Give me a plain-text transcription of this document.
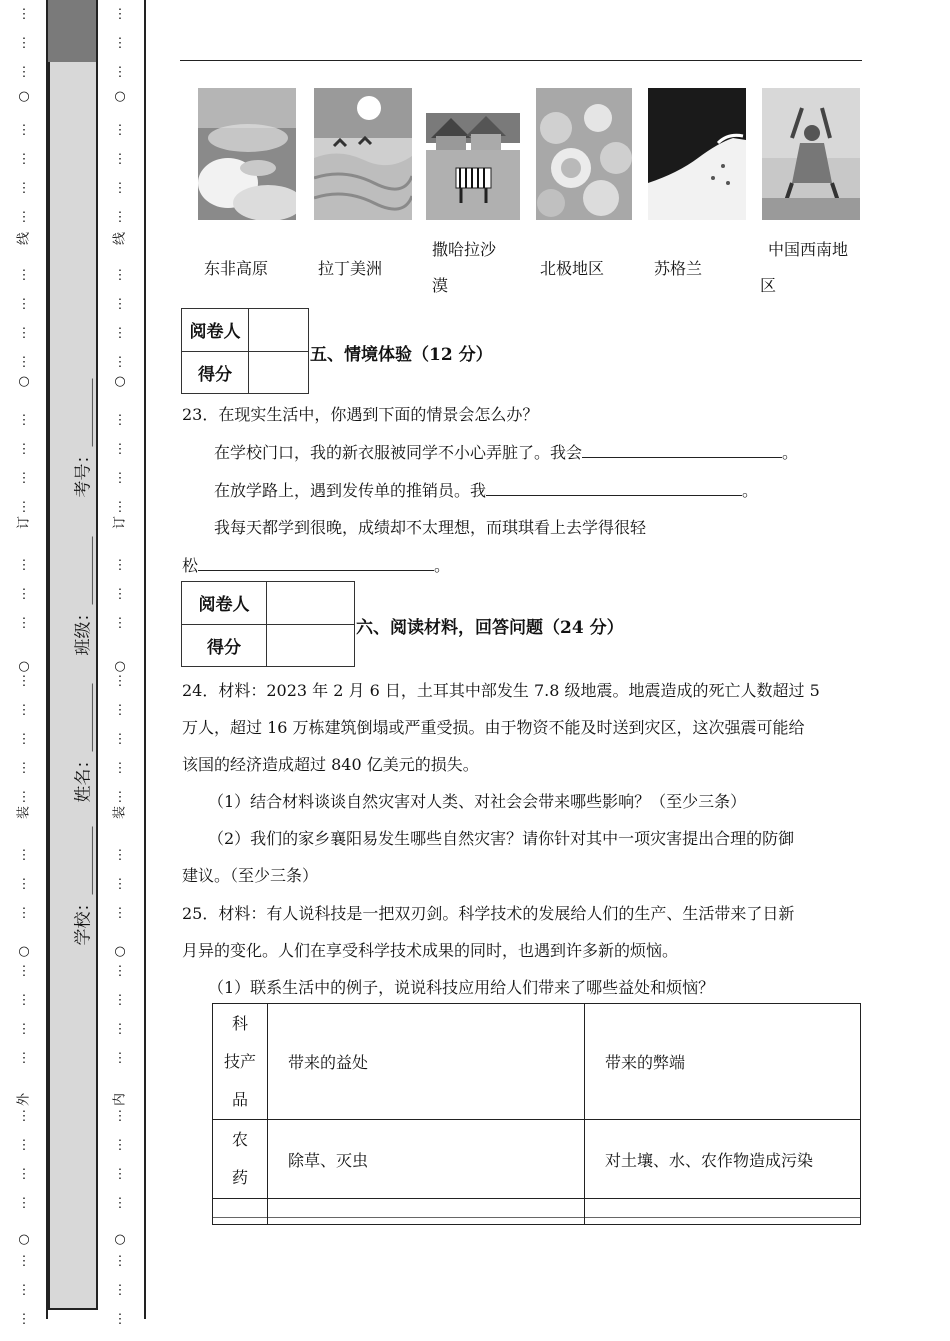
⋮
⋮
⋮
⋮
⋮
⋮
⋮
⋮
⋮
⋮
⋮
⋮
⋮
⋮
⋮
⋮
⋮
⋮
⋮
⋮
⋮
⋮
⋮
⋮
⋮
⋮
⋮
⋮
⋮
⋮
⋮
⋮
⋮
⋮
⋮
⋮
⋮
○
○
○
○
○
线
订
装
外
⋮
⋮
⋮
⋮
⋮
⋮
⋮
⋮
⋮
⋮
⋮
⋮
⋮
⋮
⋮
⋮
⋮
⋮
⋮
⋮
⋮
⋮
⋮
⋮
⋮
⋮
⋮
⋮
⋮
⋮
⋮
⋮
⋮
⋮
⋮
⋮
⋮
○
○
○
○
○
线
订
装
内
学校：________
姓名：________
班级：________
考号：________
东非高原	拉丁美洲
撒哈拉沙
漠
北极地区	苏格兰
中国西南地
区
阅卷人	
得分	
五、情境体验（12 分）
23．在现实生活中，你遇到下面的情景会怎么办？
在学校门口，我的新衣服被同学不小心弄脏了。我会	。
在放学路上，遇到发传单的推销员。我	。
我每天都学到很晚，成绩却不太理想，而琪琪看上去学得很轻
松	。
阅卷人	
得分	
六、阅读材料，回答问题（24 分）
24．材料：2023 年 2 月 6 日，土耳其中部发生 7.8 级地震。地震造成的死亡人数超过 5
万人，超过 16 万栋建筑倒塌或严重受损。由于物资不能及时送到灾区，这次强震可能给
该国的经济造成超过 840 亿美元的损失。
（1）结合材料谈谈自然灾害对人类、对社会会带来哪些影响？（至少三条）
（2）我们的家乡襄阳易发生哪些自然灾害？请你针对其中一项灾害提出合理的防御
建议。（至少三条）
25．材料：有人说科技是一把双刃剑。科学技术的发展给人们的生产、生活带来了日新
月异的变化。人们在享受科学技术成果的同时，也遇到许多新的烦恼。
（1）联系生活中的例子，说说科技应用给人们带来了哪些益处和烦恼？
科
技产
品	带来的益处	带来的弊端

农
药	除草、灭虫	对土壤、水、农作物造成污染
